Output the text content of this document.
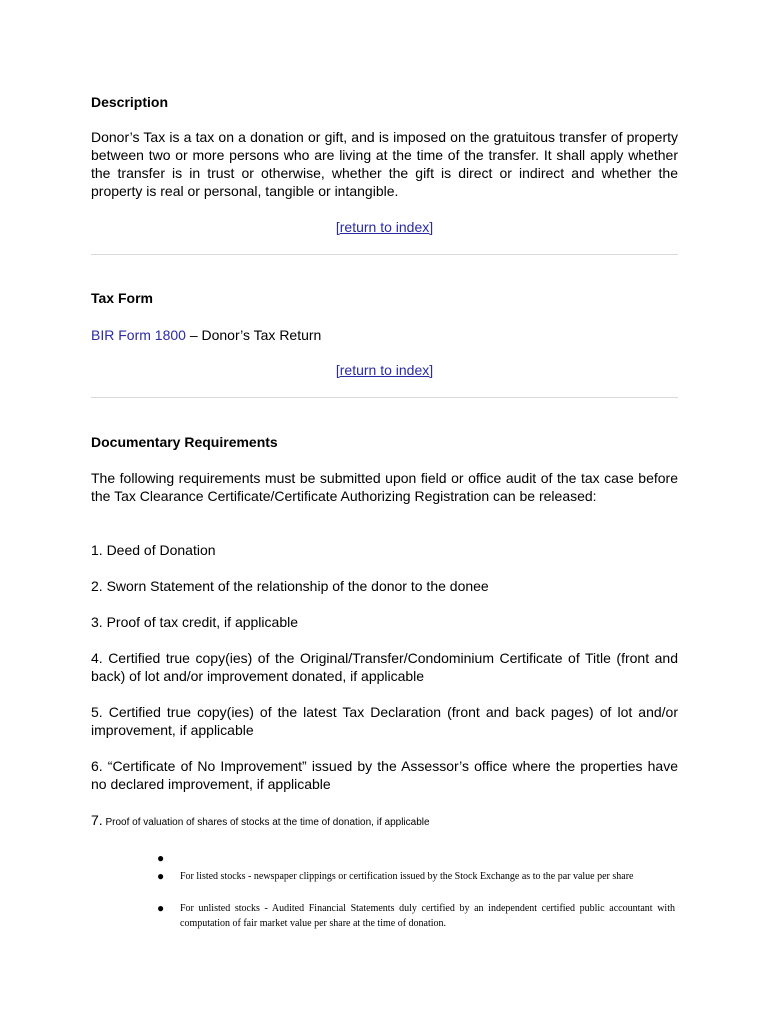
Description
Donor’s Tax is a tax on a donation or gift, and is imposed on the gratuitous transfer of property between two or more persons who are living at the time of the transfer. It shall apply whether the transfer is in trust or otherwise, whether the gift is direct or indirect and whether the property is real or personal, tangible or intangible.
[return to index]
Tax Form
BIR Form 1800 – Donor’s Tax Return
[return to index]
Documentary Requirements
The following requirements must be submitted upon field or office audit of the tax case before the Tax Clearance Certificate/Certificate Authorizing Registration can be released:
1. Deed of Donation
2. Sworn Statement of the relationship of the donor to the donee
3. Proof of tax credit, if applicable
4. Certified true copy(ies) of the Original/Transfer/Condominium Certificate of Title (front and back) of lot and/or improvement donated, if applicable
5. Certified true copy(ies) of the latest Tax Declaration (front and back pages) of lot and/or improvement, if applicable
6. “Certificate of No Improvement” issued by the Assessor’s office where the properties have no declared improvement, if applicable
7. Proof of valuation of shares of stocks at the time of donation, if applicable
●
● For listed stocks - newspaper clippings or certification issued by the Stock Exchange as to the par value per share
● For unlisted stocks - Audited Financial Statements duly certified by an independent certified public accountant with computation of fair market value per share at the time of donation.
